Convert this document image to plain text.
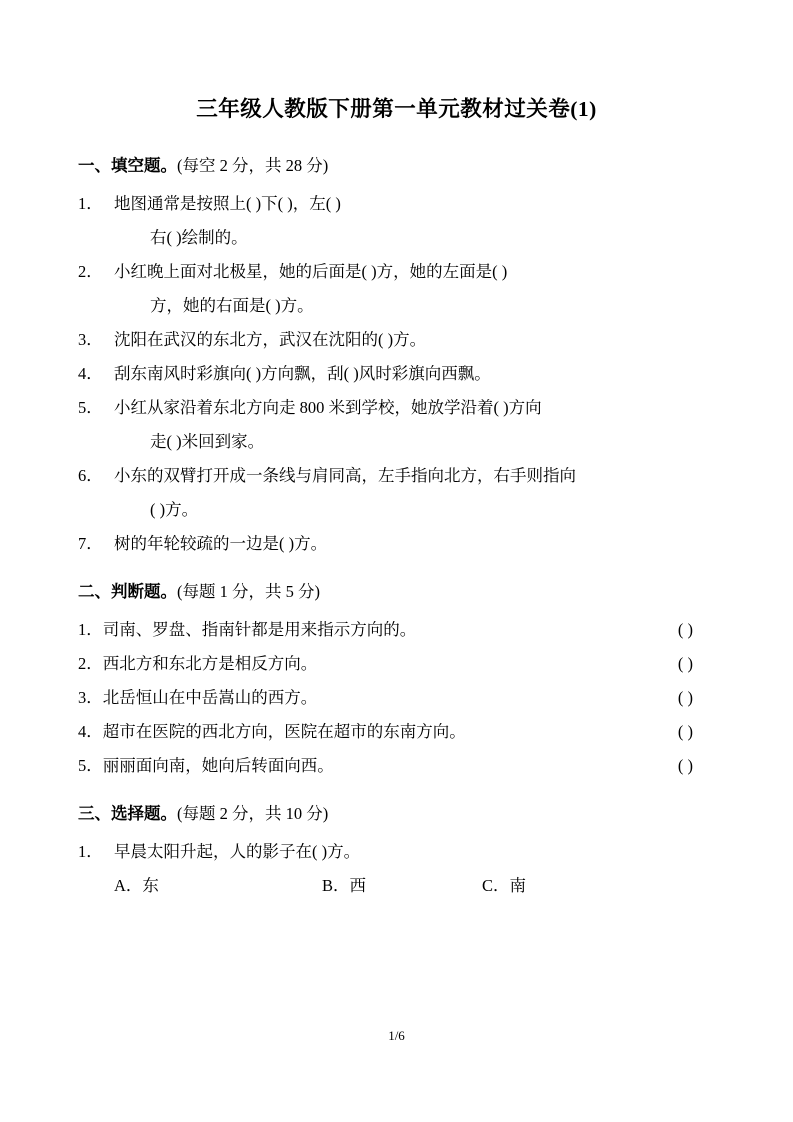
三年级人教版下册第一单元教材过关卷(1)
一、填空题。(每空 2 分，共 28 分)
1． 地图通常是按照上( )下( )，左( )
右( )绘制的。
2． 小红晚上面对北极星，她的后面是( )方，她的左面是( )
方，她的右面是( )方。
3． 沈阳在武汉的东北方，武汉在沈阳的( )方。
4． 刮东南风时彩旗向( )方向飘，刮( )风时彩旗向西飘。
5． 小红从家沿着东北方向走 800 米到学校，她放学沿着( )方向
走( )米回到家。
6． 小东的双臂打开成一条线与肩同高，左手指向北方，右手则指向
( )方。
7． 树的年轮较疏的一边是( )方。
二、判断题。(每题 1 分，共 5 分)
1．司南、罗盘、指南针都是用来指示方向的。	( )
2．西北方和东北方是相反方向。	( )
3．北岳恒山在中岳嵩山的西方。	( )
4．超市在医院的西北方向，医院在超市的东南方向。	( )
5．丽丽面向南，她向后转面向西。	( )
三、选择题。(每题 2 分，共 10 分)
1． 早晨太阳升起，人的影子在( )方。
A．东	B．西	C．南
1/6
